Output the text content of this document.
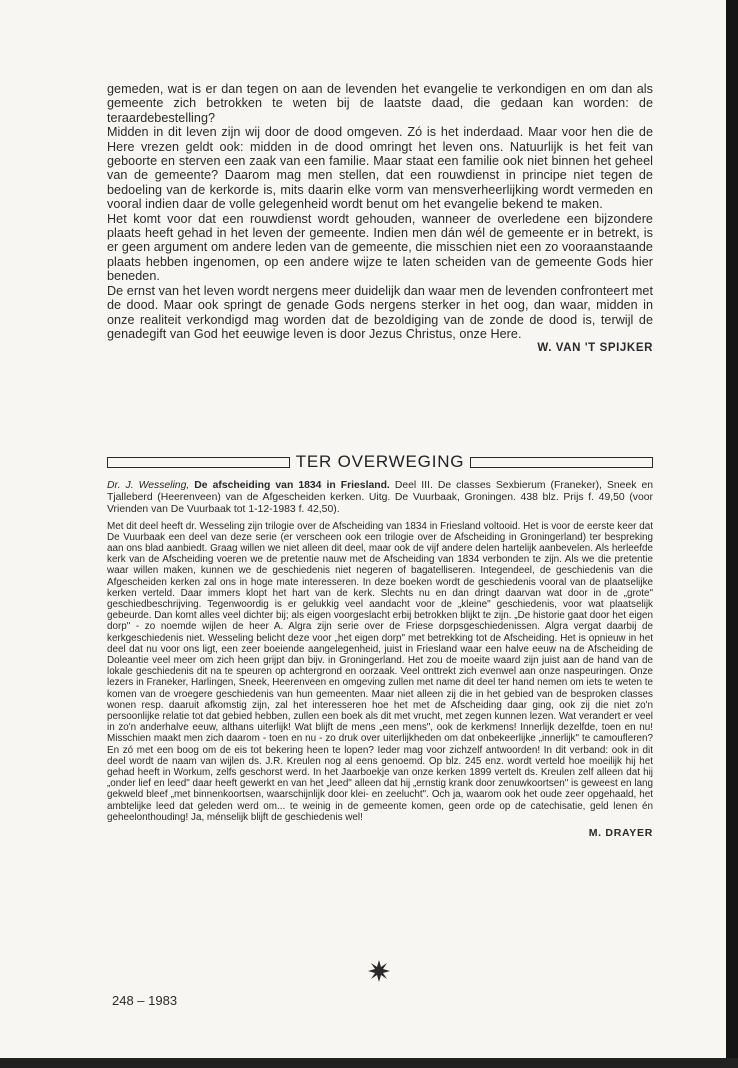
gemeden, wat is er dan tegen on aan de levenden het evangelie te verkondigen en om dan als gemeente zich betrokken te weten bij de laatste daad, die gedaan kan worden: de teraardebestelling?

Midden in dit leven zijn wij door de dood omgeven. Zó is het inderdaad. Maar voor hen die de Here vrezen geldt ook: midden in de dood omringt het leven ons. Natuurlijk is het feit van geboorte en sterven een zaak van een familie. Maar staat een familie ook niet binnen het geheel van de gemeente? Daarom mag men stellen, dat een rouwdienst in principe niet tegen de bedoeling van de kerkorde is, mits daarin elke vorm van mensverheerlijking wordt vermeden en vooral indien daar de volle gelegenheid wordt benut om het evangelie bekend te maken.

Het komt voor dat een rouwdienst wordt gehouden, wanneer de overledene een bijzondere plaats heeft gehad in het leven der gemeente. Indien men dán wél de gemeente er in betrekt, is er geen argument om andere leden van de gemeente, die misschien niet een zo vooraanstaande plaats hebben ingenomen, op een andere wijze te laten scheiden van de gemeente Gods hier beneden.

De ernst van het leven wordt nergens meer duidelijk dan waar men de levenden confronteert met de dood. Maar ook springt de genade Gods nergens sterker in het oog, dan waar, midden in onze realiteit verkondigd mag worden dat de bezoldiging van de zonde de dood is, terwijl de genadegift van God het eeuwige leven is door Jezus Christus, onze Here.

W. VAN 'T SPIJKER
TER OVERWEGING

Dr. J. Wesseling, De afscheiding van 1834 in Friesland. Deel III. De classes Sexbierum (Franeker), Sneek en Tjalleberd (Heerenveen) van de Afgescheiden kerken. Uitg. De Vuurbaak, Groningen. 438 blz. Prijs f. 49,50 (voor Vrienden van De Vuurbaak tot 1-12-1983 f. 42,50).

Met dit deel heeft dr. Wesseling zijn trilogie over de Afscheiding van 1834 in Friesland voltooid. Het is voor de eerste keer dat De Vuurbaak een deel van deze serie (er verscheen ook een trilogie over de Afscheiding in Groningerland) ter bespreking aan ons blad aanbiedt. Graag willen we niet alleen dit deel, maar ook de vijf andere delen hartelijk aanbevelen. Als herleefde kerk van de Afscheiding voeren we de pretentie nauw met de Afscheiding van 1834 verbonden te zijn. Als we die pretentie waar willen maken, kunnen we de geschiedenis niet negeren of bagatelliseren. Integendeel, de geschiedenis van die Afgescheiden kerken zal ons in hoge mate interesseren. In deze boeken wordt de geschiedenis vooral van de plaatselijke kerken verteld. Daar immers klopt het hart van de kerk. Slechts nu en dan dringt daarvan wat door in de „grote" geschiedbeschrijving. Tegenwoordig is er gelukkig veel aandacht voor de „kleine" geschiedenis, voor wat plaatselijk gebeurde. Dan komt alles veel dichter bij; als eigen voorgeslacht erbij betrokken blijkt te zijn. „De historie gaat door het eigen dorp" - zo noemde wijlen de heer A. Algra zijn serie over de Friese dorpsgeschiedenissen. Algra vergat daarbij de kerkgeschiedenis niet. Wesseling belicht deze voor „het eigen dorp" met betrekking tot de Afscheiding. Het is opnieuw in het deel dat nu voor ons ligt, een zeer boeiende aangelegenheid, juist in Friesland waar een halve eeuw na de Afscheiding de Doleantie veel meer om zich heen grijpt dan bijv. in Groningerland. Het zou de moeite waard zijn juist aan de hand van de lokale geschiedenis dit na te speuren op achtergrond en oorzaak. Veel onttrekt zich evenwel aan onze naspeuringen. Onze lezers in Franeker, Harlingen, Sneek, Heerenveen en omgeving zullen met name dit deel ter hand nemen om iets te weten te komen van de vroegere geschiedenis van hun gemeenten. Maar niet alleen zij die in het gebied van de besproken classes wonen resp. daaruit afkomstig zijn, zal het interesseren hoe het met de Afscheiding daar ging, ook zij die niet zo'n persoonlijke relatie tot dat gebied hebben, zullen een boek als dit met vrucht, met zegen kunnen lezen. Wat verandert er veel in zo'n anderhalve eeuw, althans uiterlijk! Wat blijft de mens „een mens", ook de kerkmens! Innerlijk dezelfde, toen en nu! Misschien maakt men zich daarom - toen en nu - zo druk over uiterlijkheden om dat onbekeerlijke „innerlijk" te camoufleren? En zó met een boog om de eis tot bekering heen te lopen? Ieder mag voor zichzelf antwoorden! In dit verband: ook in dit deel wordt de naam van wijlen ds. J.R. Kreulen nog al eens genoemd. Op blz. 245 enz. wordt verteld hoe moeilijk hij het gehad heeft in Workum, zelfs geschorst werd. In het Jaarboekje van onze kerken 1899 vertelt ds. Kreulen zelf alleen dat hij „onder lief en leed" daar heeft gewerkt en van het „leed" alleen dat hij „ernstig krank door zenuwkoortsen" is geweest en lang gekweld bleef „met binnenkoortsen, waarschijnlijk door klei- en zeelucht". Och ja, waarom ook het oude zeer opgehaald, het ambtelijke leed dat geleden werd om... te weinig in de gemeente komen, geen orde op de catechisatie, geld lenen én geheelonthouding! Ja, ménselijk blijft de geschiedenis wel!

M. DRAYER
248 – 1983
